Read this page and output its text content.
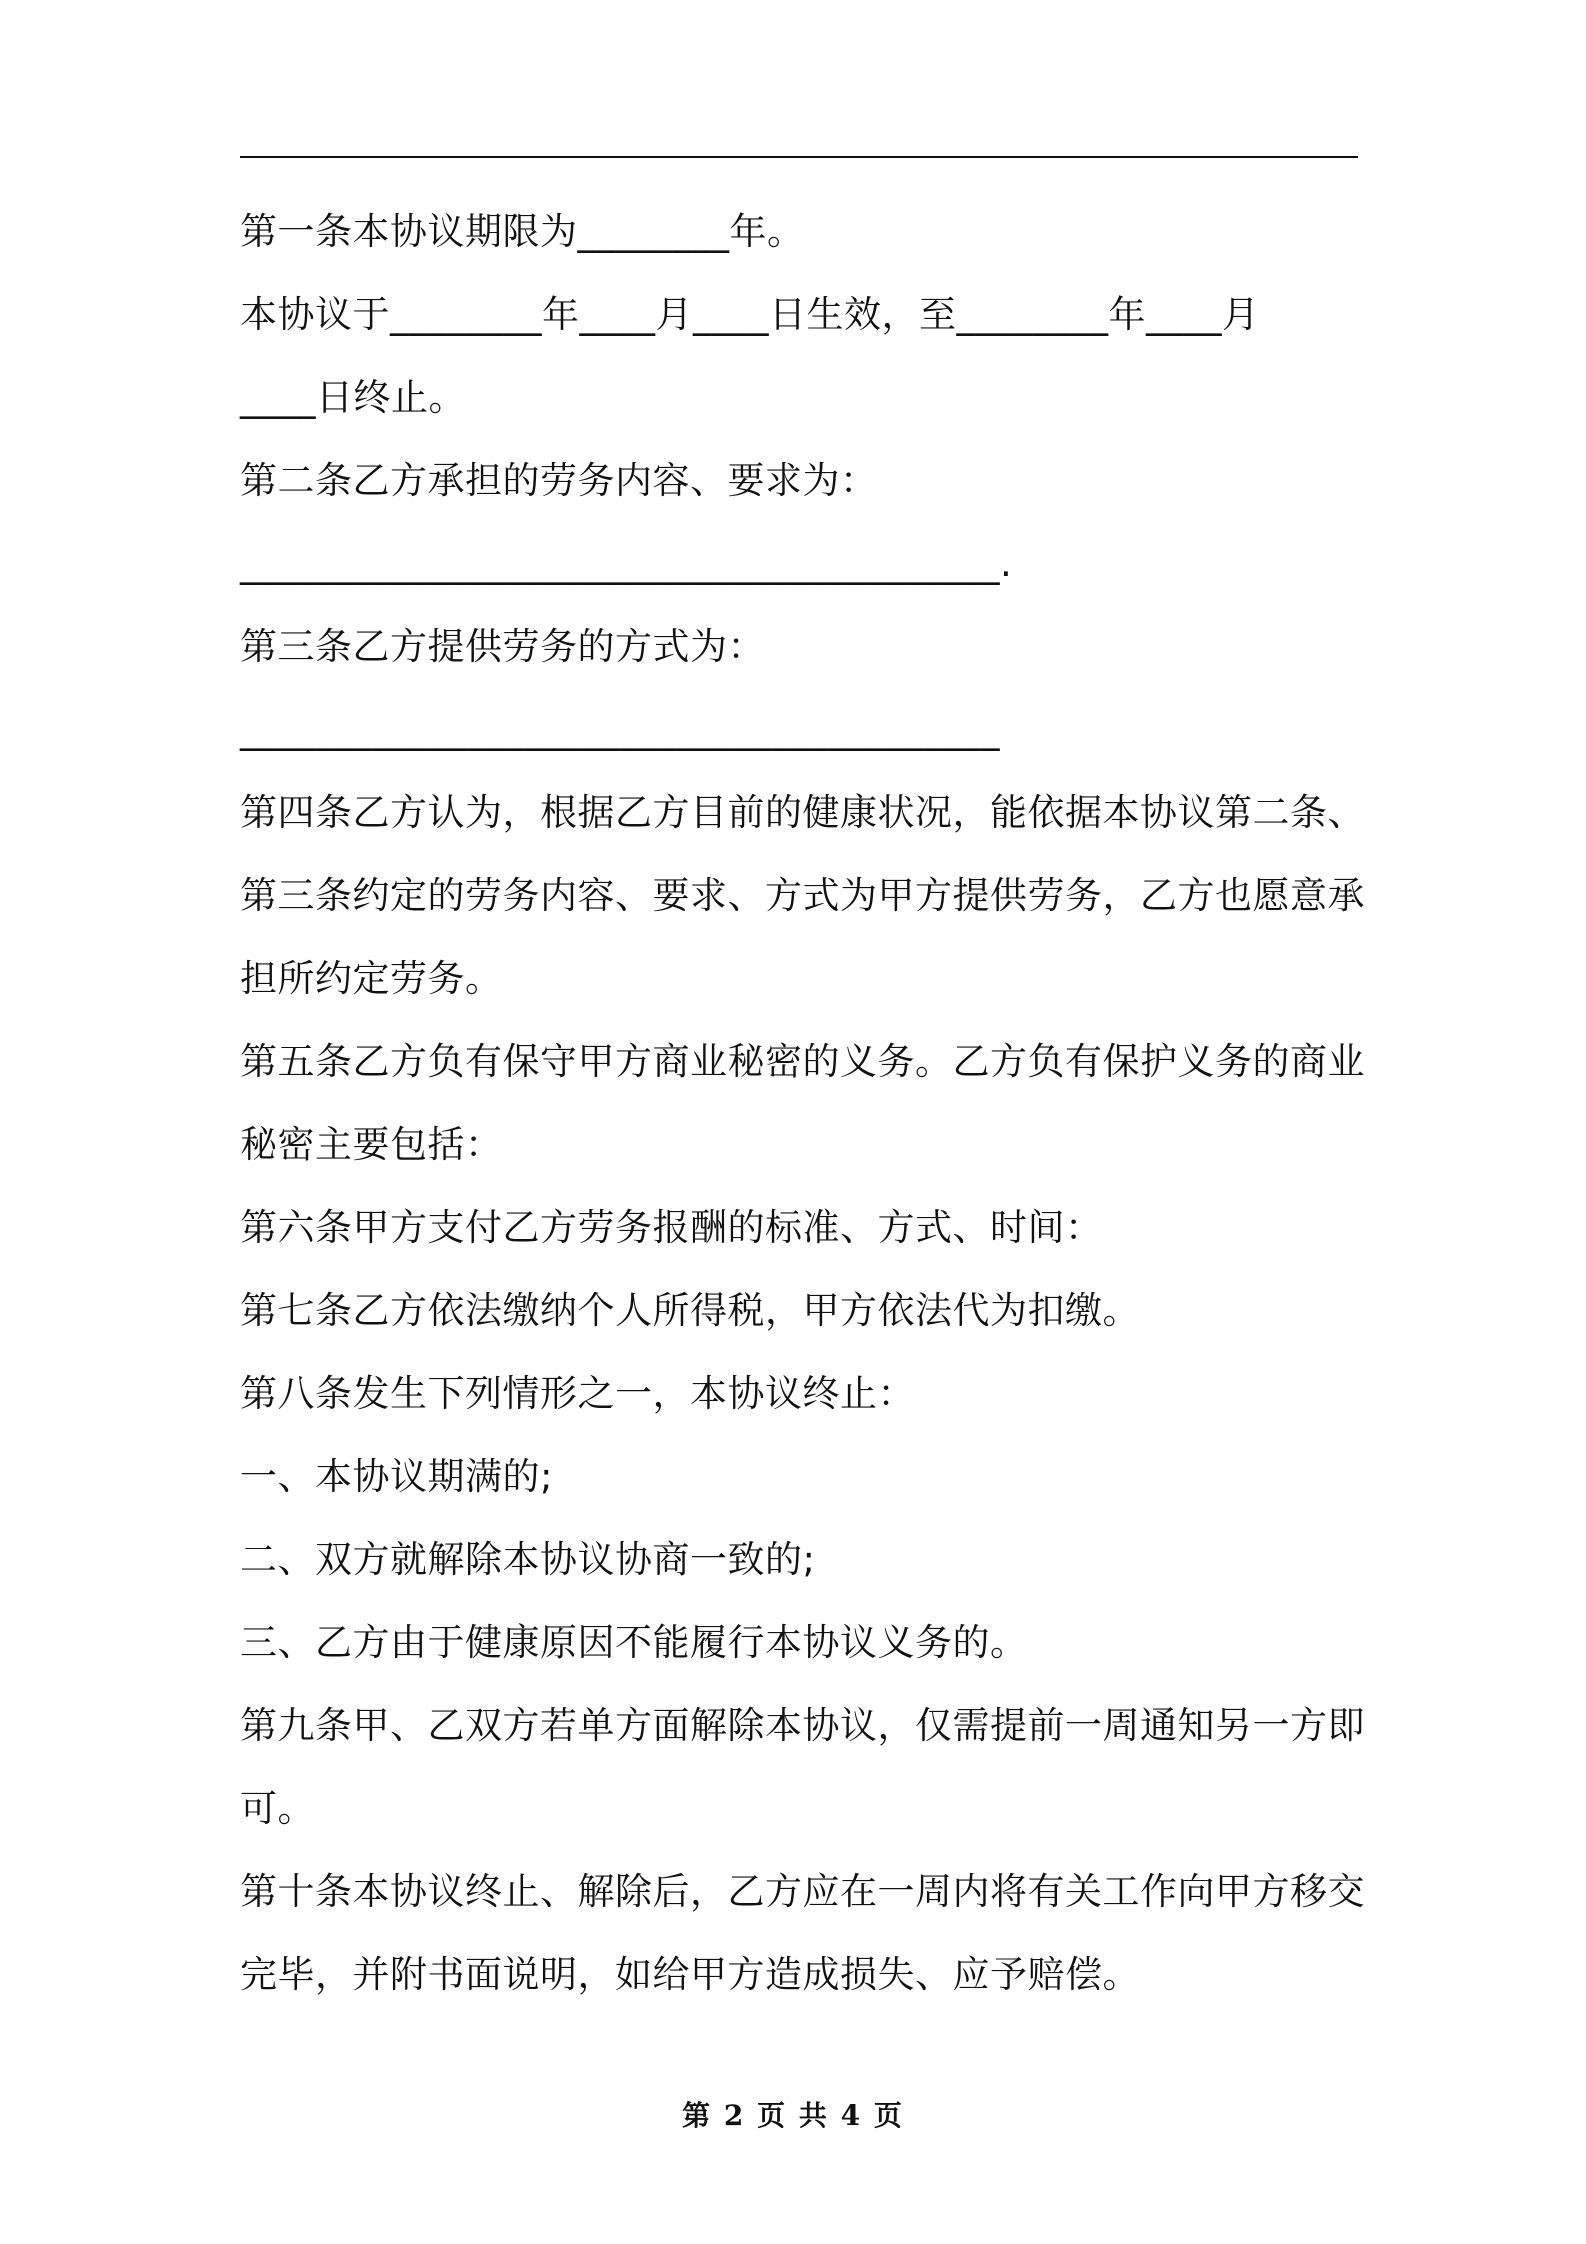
第一条本协议期限为________年。
本协议于________年____月____日生效，至________年____月
____日终止。
第二条乙方承担的劳务内容、要求为：
________________________________________.
第三条乙方提供劳务的方式为：
________________________________________
第四条乙方认为，根据乙方目前的健康状况，能依据本协议第二条、
第三条约定的劳务内容、要求、方式为甲方提供劳务，乙方也愿意承
担所约定劳务。
第五条乙方负有保守甲方商业秘密的义务。乙方负有保护义务的商业
秘密主要包括：
第六条甲方支付乙方劳务报酬的标准、方式、时间：
第七条乙方依法缴纳个人所得税，甲方依法代为扣缴。
第八条发生下列情形之一，本协议终止：
一、本协议期满的;
二、双方就解除本协议协商一致的;
三、乙方由于健康原因不能履行本协议义务的。
第九条甲、乙双方若单方面解除本协议，仅需提前一周通知另一方即
可。
第十条本协议终止、解除后，乙方应在一周内将有关工作向甲方移交
完毕，并附书面说明，如给甲方造成损失、应予赔偿。
第 2 页 共 4 页
